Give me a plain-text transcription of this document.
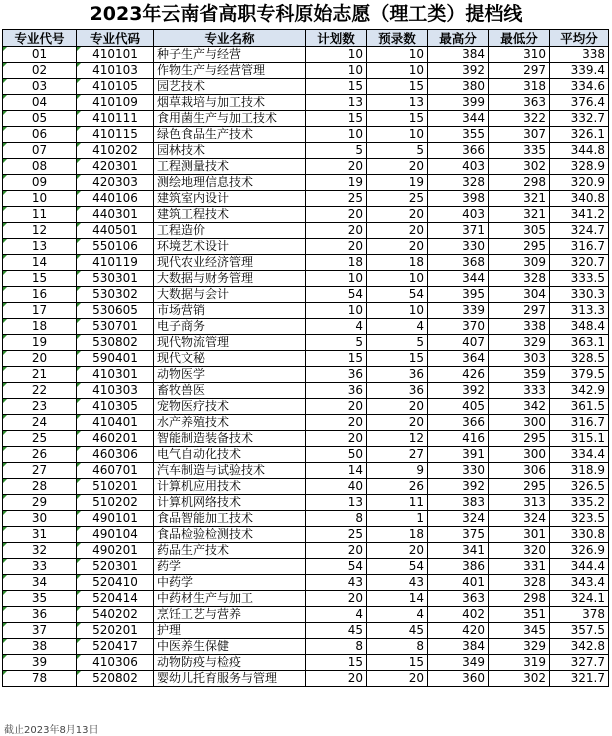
2023年云南省高职专科原始志愿（理工类）提档线
专业代号	专业代码	专业名称	计划数	预录数	最高分	最低分	平均分
01	410101	种子生产与经营	10	10	384	310	338
02	410103	作物生产与经营管理	10	10	392	297	339.4
03	410105	园艺技术	15	15	380	318	334.6
04	410109	烟草栽培与加工技术	13	13	399	363	376.4
05	410111	食用菌生产与加工技术	15	15	344	322	332.7
06	410115	绿色食品生产技术	10	10	355	307	326.1
07	410202	园林技术	5	5	366	335	344.8
08	420301	工程测量技术	20	20	403	302	328.9
09	420303	测绘地理信息技术	19	19	328	298	320.9
10	440106	建筑室内设计	25	25	398	321	340.8
11	440301	建筑工程技术	20	20	403	321	341.2
12	440501	工程造价	20	20	371	305	324.7
13	550106	环境艺术设计	20	20	330	295	316.7
14	410119	现代农业经济管理	18	18	368	309	320.7
15	530301	大数据与财务管理	10	10	344	328	333.5
16	530302	大数据与会计	54	54	395	304	330.3
17	530605	市场营销	10	10	339	297	313.3
18	530701	电子商务	4	4	370	338	348.4
19	530802	现代物流管理	5	5	407	329	363.1
20	590401	现代文秘	15	15	364	303	328.5
21	410301	动物医学	36	36	426	359	379.5
22	410303	畜牧兽医	36	36	392	333	342.9
23	410305	宠物医疗技术	20	20	405	342	361.5
24	410401	水产养殖技术	20	20	366	300	316.7
25	460201	智能制造装备技术	20	12	416	295	315.1
26	460306	电气自动化技术	50	27	391	300	334.4
27	460701	汽车制造与试验技术	14	9	330	306	318.9
28	510201	计算机应用技术	40	26	392	295	326.5
29	510202	计算机网络技术	13	11	383	313	335.2
30	490101	食品智能加工技术	8	1	324	324	323.5
31	490104	食品检验检测技术	25	18	375	301	330.8
32	490201	药品生产技术	20	20	341	320	326.9
33	520301	药学	54	54	386	331	344.4
34	520410	中药学	43	43	401	328	343.4
35	520414	中药材生产与加工	20	14	363	298	324.1
36	540202	烹饪工艺与营养	4	4	402	351	378
37	520201	护理	45	45	420	345	357.5
38	520417	中医养生保健	8	8	384	329	342.8
39	410306	动物防疫与检疫	15	15	349	319	327.7
78	520802	婴幼儿托育服务与管理	20	20	360	302	321.7
截止2023年8月13日
